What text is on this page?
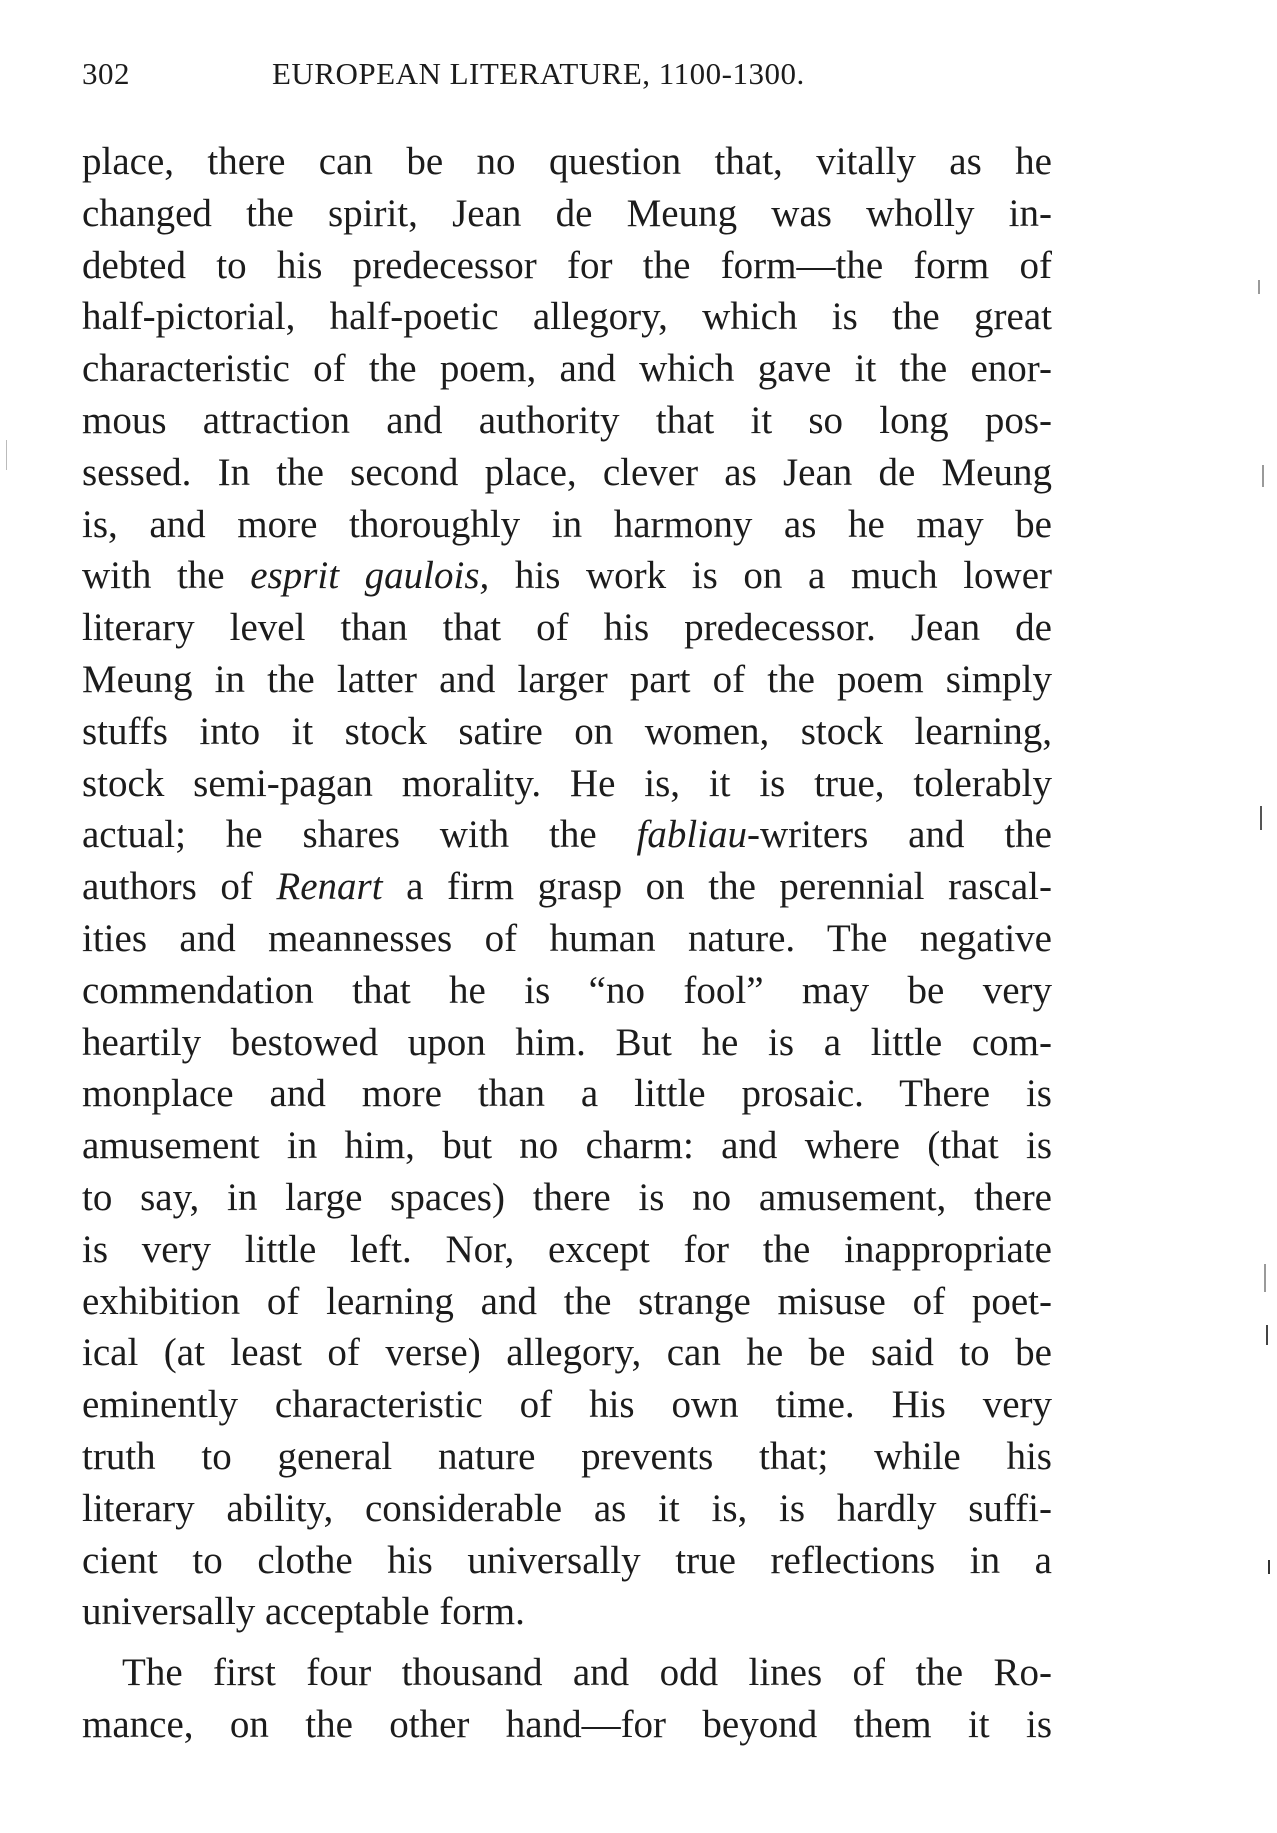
302	EUROPEAN LITERATURE, 1100-1300.
place, there can be no question that, vitally as he
changed the spirit, Jean de Meung was wholly in-
debted to his predecessor for the form—the form of
half-pictorial, half-poetic allegory, which is the great
characteristic of the poem, and which gave it the enor-
mous attraction and authority that it so long pos-
sessed. In the second place, clever as Jean de Meung
is, and more thoroughly in harmony as he may be
with the esprit gaulois, his work is on a much lower
literary level than that of his predecessor. Jean de
Meung in the latter and larger part of the poem simply
stuffs into it stock satire on women, stock learning,
stock semi-pagan morality. He is, it is true, tolerably
actual; he shares with the fabliau-writers and the
authors of Renart a firm grasp on the perennial rascal-
ities and meannesses of human nature. The negative
commendation that he is “no fool” may be very
heartily bestowed upon him. But he is a little com-
monplace and more than a little prosaic. There is
amusement in him, but no charm: and where (that is
to say, in large spaces) there is no amusement, there
is very little left. Nor, except for the inappropriate
exhibition of learning and the strange misuse of poet-
ical (at least of verse) allegory, can he be said to be
eminently characteristic of his own time. His very
truth to general nature prevents that; while his
literary ability, considerable as it is, is hardly suffi-
cient to clothe his universally true reflections in a
universally acceptable form.
The first four thousand and odd lines of the Ro-
mance, on the other hand—for beyond them it is
